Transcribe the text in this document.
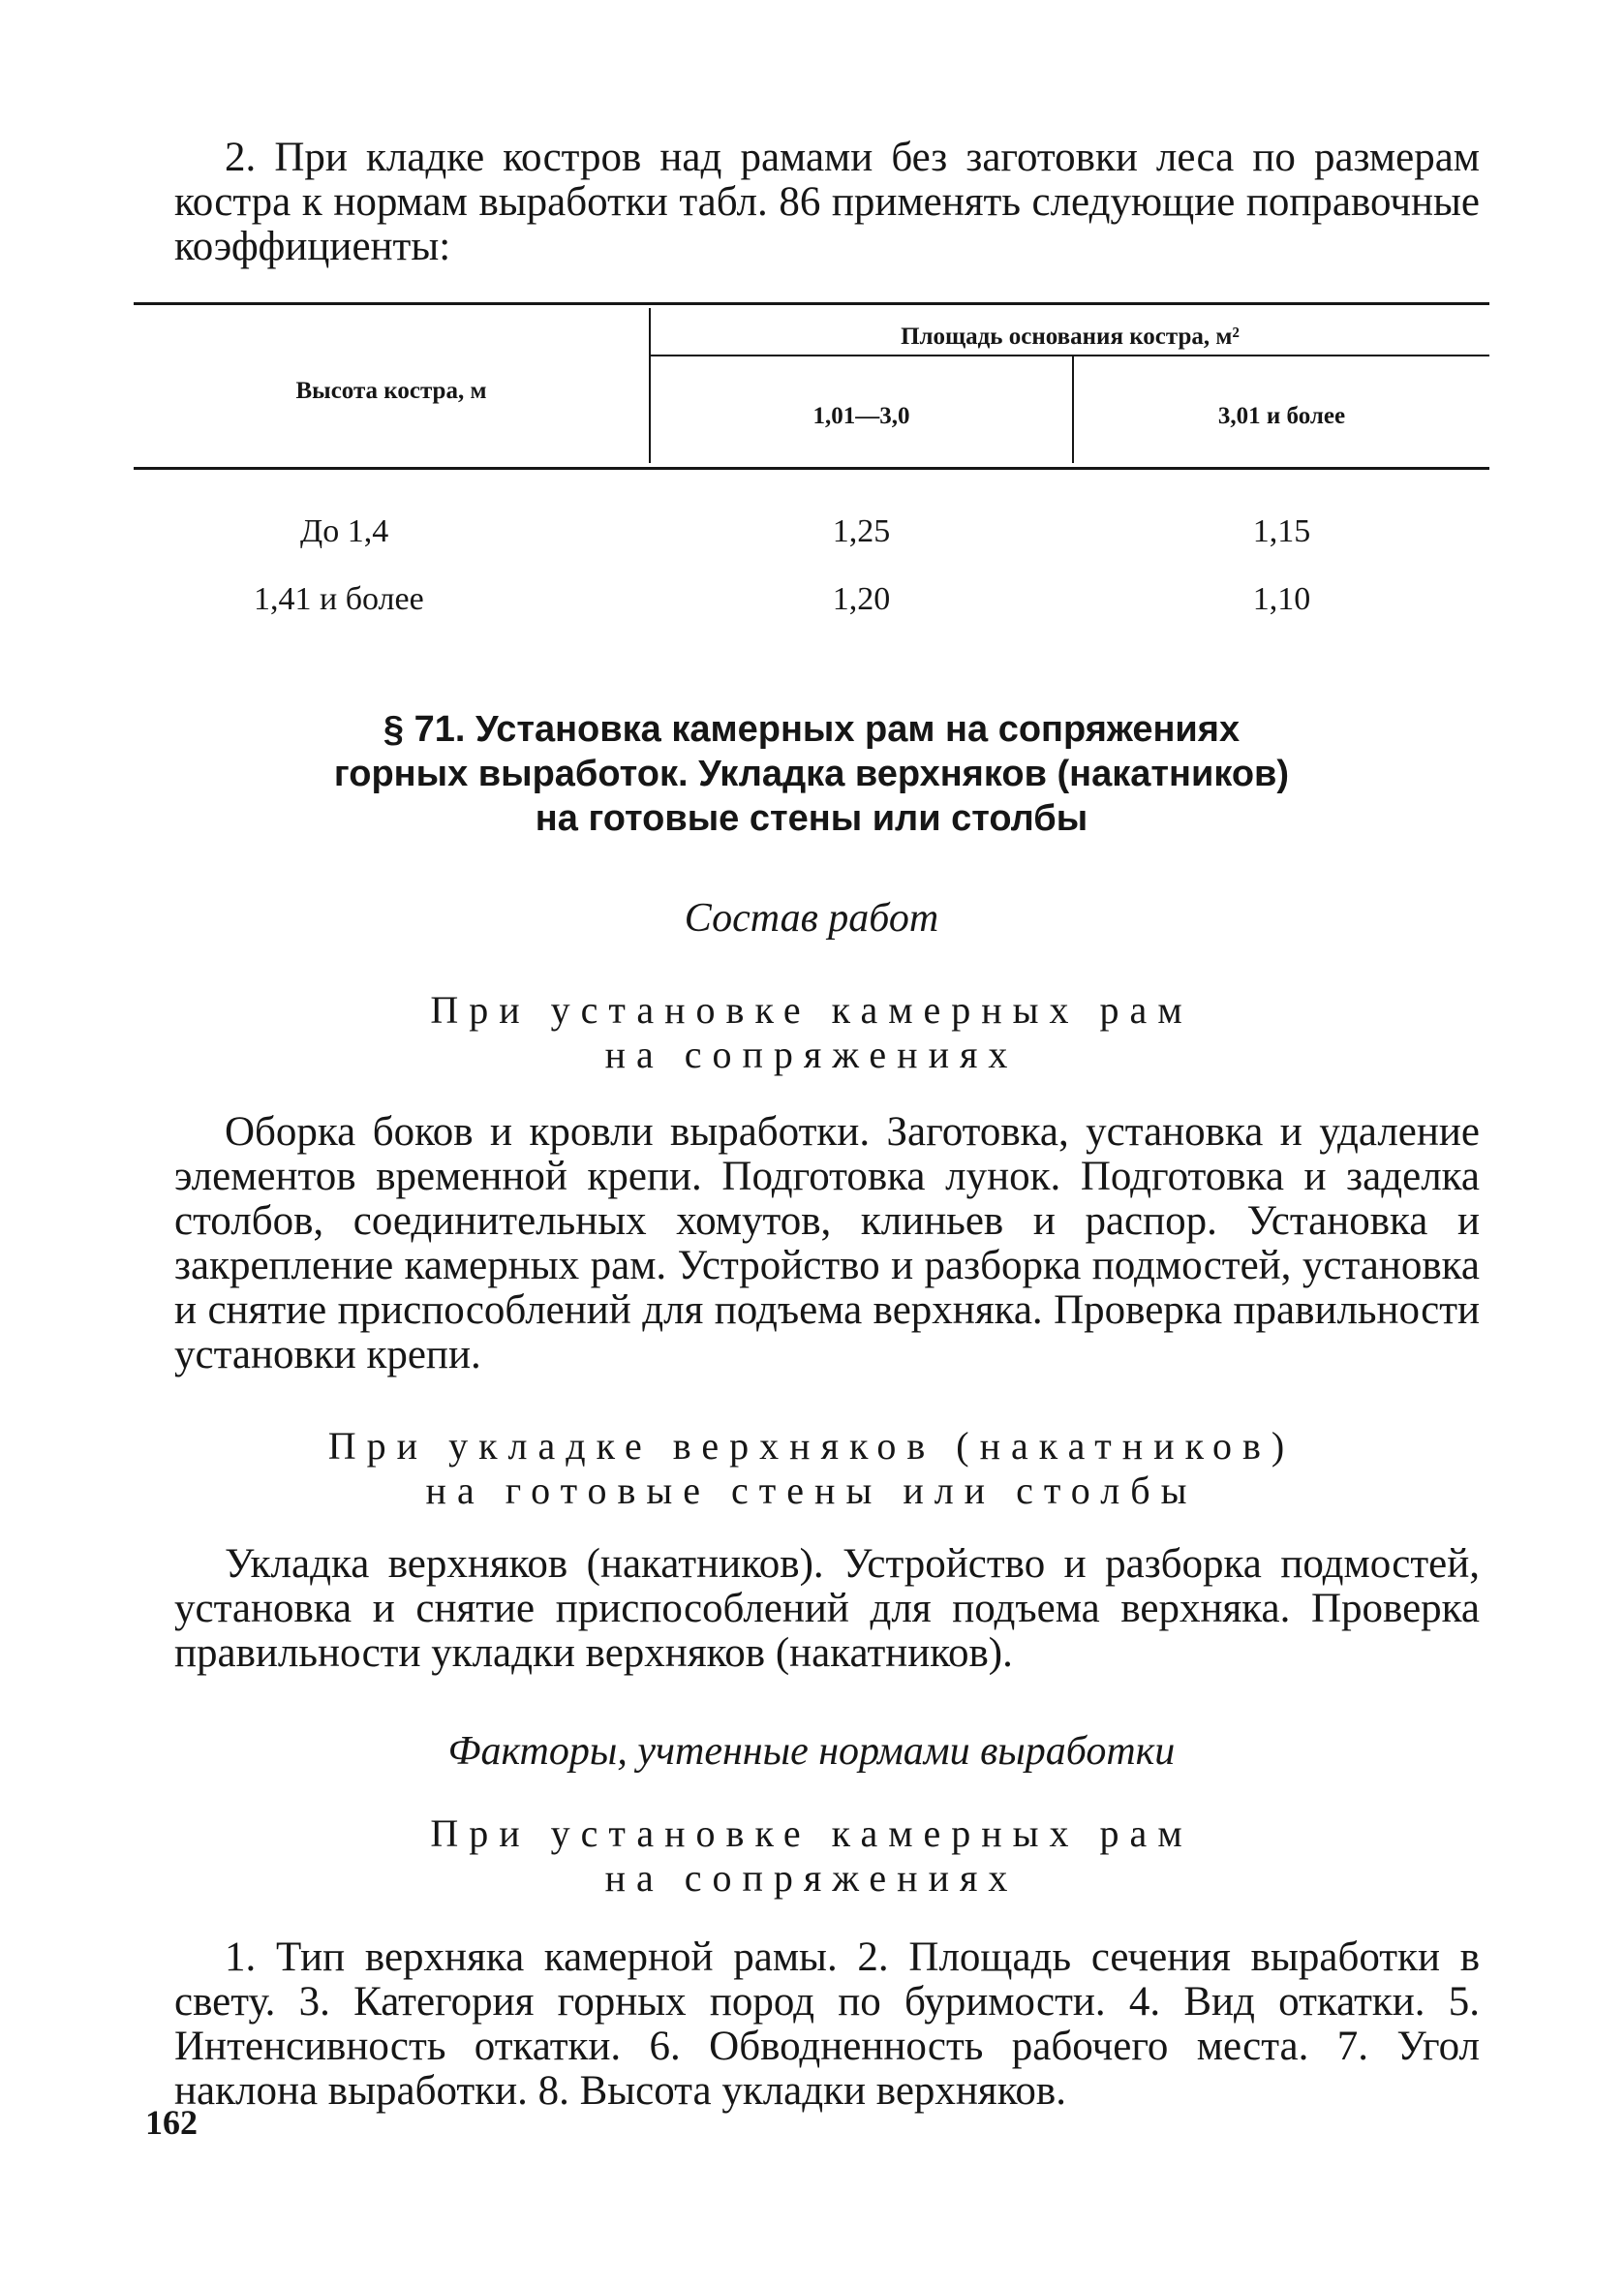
2. При кладке костров над рамами без заготовки леса по размерам костра к нормам выработки табл. 86 применять следующие поправочные коэффициенты:

Высота костра, м
Площадь основания костра, м²
1,01—3,0	3,01 и более
До 1,4	1,25	1,15
1,41 и более	1,20	1,10
§ 71. Установка камерных рам на сопряжениях
горных выработок. Укладка верхняков (накатников)
на готовые стены или столбы
Состав работ
При установке камерных рам
на сопряжениях

Оборка боков и кровли выработки. Заготовка, установка и удаление элементов временной крепи. Подготовка лунок. Подготовка и заделка столбов, соединительных хомутов, клиньев и распор. Установка и закрепление камерных рам. Устройство и разборка подмостей, установка и снятие приспособлений для подъема верхняка. Проверка правильности установки крепи.

При укладке верхняков (накатников)
на готовые стены или столбы

Укладка верхняков (накатников). Устройство и разборка подмостей, установка и снятие приспособлений для подъема верхняка. Проверка правильности укладки верхняков (накатников).

Факторы, учтенные нормами выработки
При установке камерных рам
на сопряжениях

1. Тип верхняка камерной рамы. 2. Площадь сечения выработки в свету. 3. Категория горных пород по буримости. 4. Вид откатки. 5. Интенсивность откатки. 6. Обводненность рабочего места. 7. Угол наклона выработки. 8. Высота укладки верхняков.

162
